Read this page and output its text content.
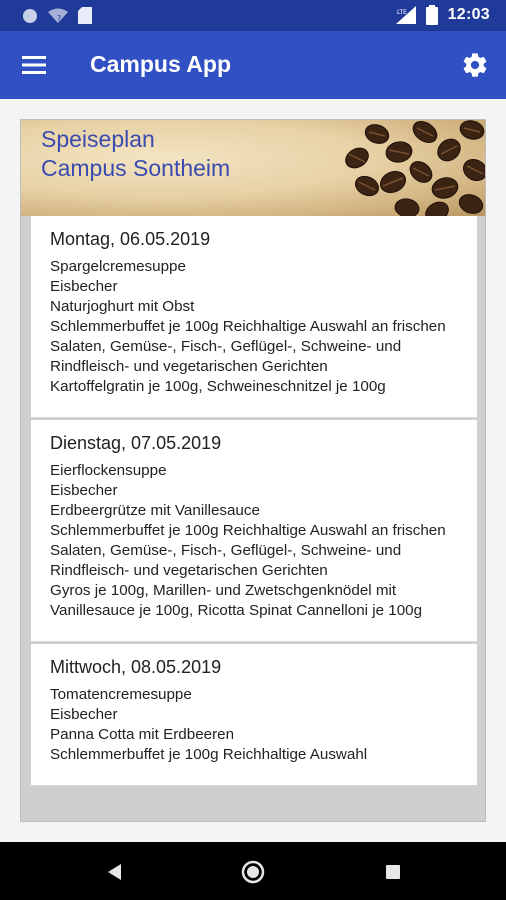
?
LTE	12:03
Campus App
Speiseplan
Campus Sontheim
Montag, 06.05.2019
Spargelcremesuppe
Eisbecher
Naturjoghurt mit Obst
Schlemmerbuffet je 100g Reichhaltige Auswahl an frischen Salaten, Gemüse-, Fisch-, Geflügel-, Schweine- und Rindfleisch- und vegetarischen Gerichten
Kartoffelgratin je 100g, Schweineschnitzel je 100g
Dienstag, 07.05.2019
Eierflockensuppe
Eisbecher
Erdbeergrütze mit Vanillesauce
Schlemmerbuffet je 100g Reichhaltige Auswahl an frischen Salaten, Gemüse-, Fisch-, Geflügel-, Schweine- und Rindfleisch- und vegetarischen Gerichten
Gyros je 100g, Marillen- und Zwetschgenknödel mit Vanillesauce je 100g, Ricotta Spinat Cannelloni je 100g
Mittwoch, 08.05.2019
Tomatencremesuppe
Eisbecher
Panna Cotta mit Erdbeeren
Schlemmerbuffet je 100g Reichhaltige Auswahl
